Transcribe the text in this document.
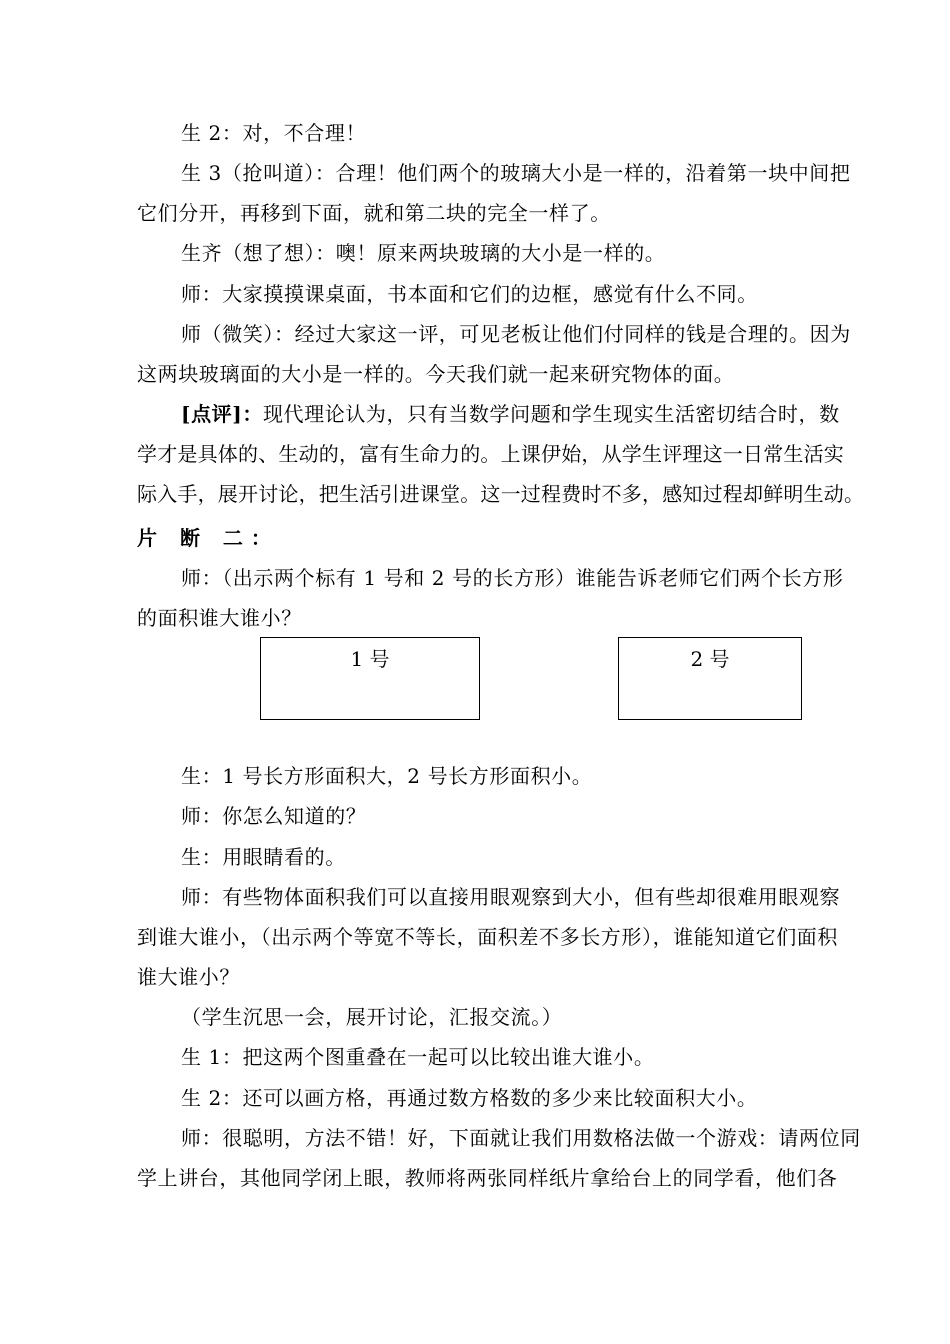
生 2：对，不合理！
生 3（抢叫道）：合理！他们两个的玻璃大小是一样的，沿着第一块中间把
它们分开，再移到下面，就和第二块的完全一样了。
生齐（想了想）：噢！原来两块玻璃的大小是一样的。
师：大家摸摸课桌面，书本面和它们的边框，感觉有什么不同。
师（微笑）：经过大家这一评，可见老板让他们付同样的钱是合理的。因为
这两块玻璃面的大小是一样的。今天我们就一起来研究物体的面。
[点评]：现代理论认为，只有当数学问题和学生现实生活密切结合时，数
学才是具体的、生动的，富有生命力的。上课伊始，从学生评理这一日常生活实
际入手，展开讨论，把生活引进课堂。这一过程费时不多，感知过程却鲜明生动。
片 断 二：
师：（出示两个标有 1 号和 2 号的长方形）谁能告诉老师它们两个长方形
的面积谁大谁小？
1 号	2 号
生：1 号长方形面积大，2 号长方形面积小。
师：你怎么知道的？
生：用眼睛看的。
师：有些物体面积我们可以直接用眼观察到大小，但有些却很难用眼观察
到谁大谁小，（出示两个等宽不等长，面积差不多长方形），谁能知道它们面积
谁大谁小？
（学生沉思一会，展开讨论，汇报交流。）
生 1：把这两个图重叠在一起可以比较出谁大谁小。
生 2：还可以画方格，再通过数方格数的多少来比较面积大小。
师：很聪明，方法不错！好，下面就让我们用数格法做一个游戏：请两位同
学上讲台，其他同学闭上眼，教师将两张同样纸片拿给台上的同学看，他们各
